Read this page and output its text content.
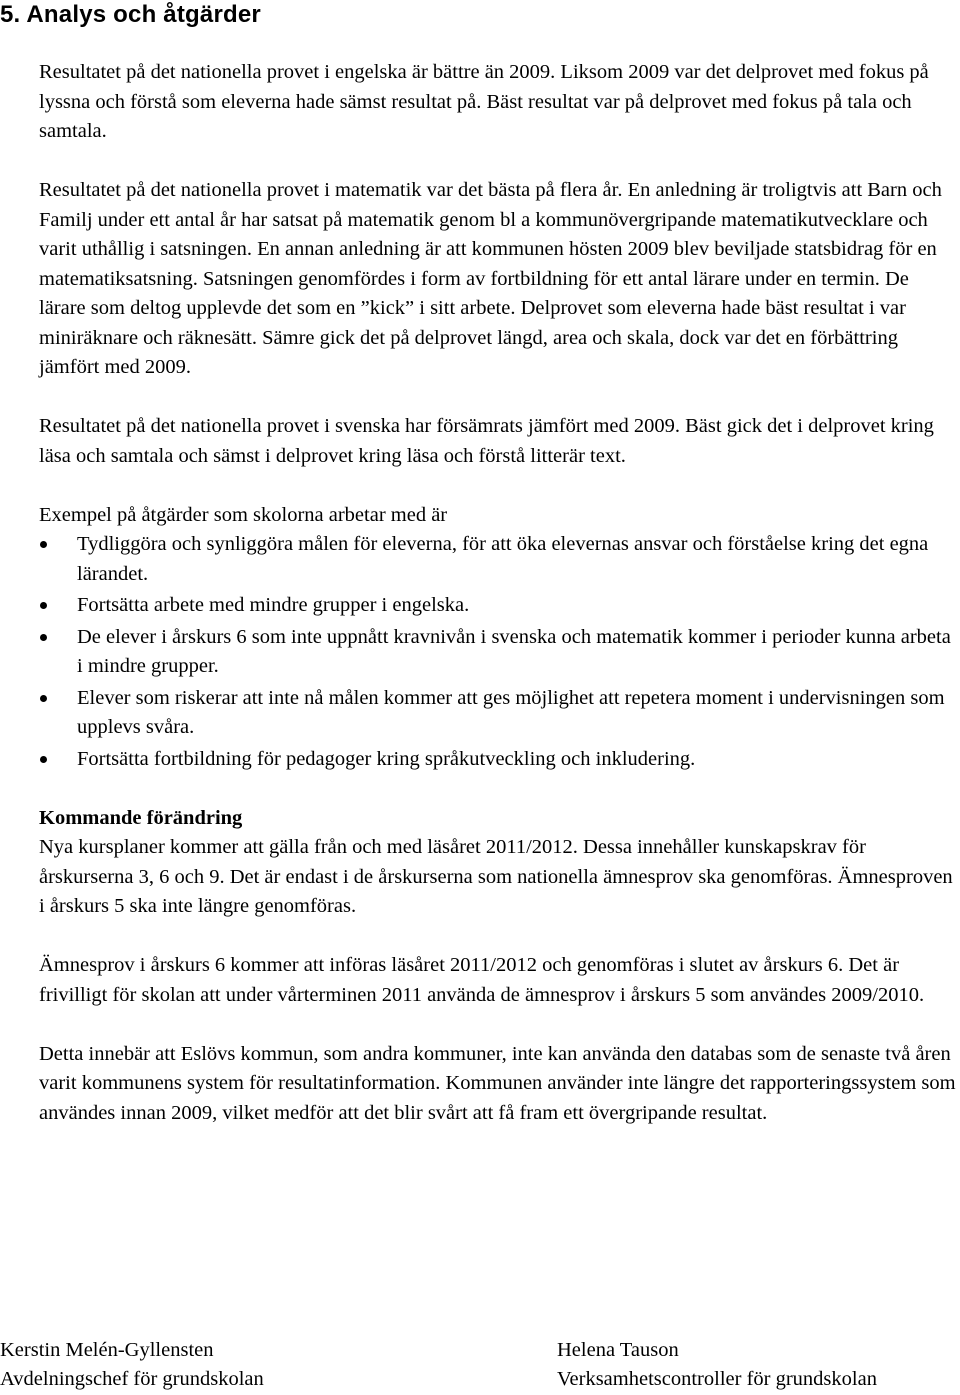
5. Analys och åtgärder

Resultatet på det nationella provet i engelska är bättre än 2009. Liksom 2009 var det delprovet med fokus på lyssna och förstå som eleverna hade sämst resultat på. Bäst resultat var på delprovet med fokus på tala och samtala.

Resultatet på det nationella provet i matematik var det bästa på flera år. En anledning är troligtvis att Barn och Familj under ett antal år har satsat på matematik genom bl a kommunövergripande matematikutvecklare och varit uthållig i satsningen. En annan anledning är att kommunen hösten 2009 blev beviljade statsbidrag för en matematiksatsning. Satsningen genomfördes i form av fortbildning för ett antal lärare under en termin. De lärare som deltog upplevde det som en ”kick” i sitt arbete. Delprovet som eleverna hade bäst resultat i var miniräknare och räknesätt. Sämre gick det på delprovet längd, area och skala, dock var det en förbättring jämfört med 2009.

Resultatet på det nationella provet i svenska har försämrats jämfört med 2009. Bäst gick det i delprovet kring läsa och samtala och sämst i delprovet kring läsa och förstå litterär text.

Exempel på åtgärder som skolorna arbetar med är

Tydliggöra och synliggöra målen för eleverna, för att öka elevernas ansvar och förståelse kring det egna lärandet.
Fortsätta arbete med mindre grupper i engelska.
De elever i årskurs 6 som inte uppnått kravnivån i svenska och matematik kommer i perioder kunna arbeta i mindre grupper.
Elever som riskerar att inte nå målen kommer att ges möjlighet att repetera moment i undervisningen som upplevs svåra.
Fortsätta fortbildning för pedagoger kring språkutveckling och inkludering.
Kommande förändring

Nya kursplaner kommer att gälla från och med läsåret 2011/2012. Dessa innehåller kunskapskrav för årskurserna 3, 6 och 9. Det är endast i de årskurserna som nationella ämnesprov ska genomföras. Ämnesproven i årskurs 5 ska inte längre genomföras.

Ämnesprov i årskurs 6 kommer att införas läsåret 2011/2012 och genomföras i slutet av årskurs 6. Det är frivilligt för skolan att under vårterminen 2011 använda de ämnesprov i årskurs 5 som användes 2009/2010.

Detta innebär att Eslövs kommun, som andra kommuner, inte kan använda den databas som de senaste två åren varit kommunens system för resultatinformation. Kommunen använder inte längre det rapporteringssystem som användes innan 2009, vilket medför att det blir svårt att få fram ett övergripande resultat.

Kerstin Melén-Gyllensten
Avdelningschef för grundskolan
Helena Tauson
Verksamhetscontroller för grundskolan
